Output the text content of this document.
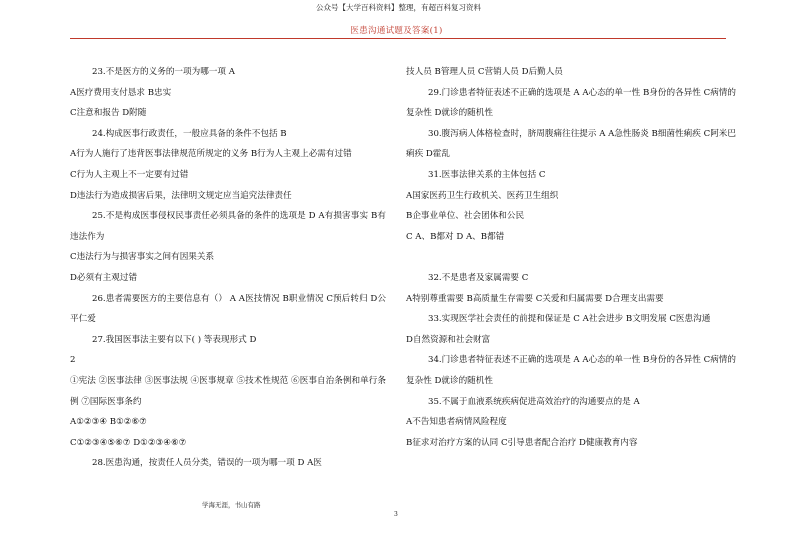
公众号【大学百科资料】整理，有超百科复习资料
医患沟通试题及答案(1)

23.不是医方的义务的一项为哪一项 A

A医疗费用支付恳求 B忠实

C注意和报告 D附随

24.构成医事行政责任，一般应具备的条件不包括 B

A行为人施行了违背医事法律规范所规定的义务 B行为人主观上必需有过错

C行为人主观上不一定要有过错

D违法行为造成损害后果，法律明文规定应当追究法律责任

25.不是构成医事侵权民事责任必须具备的条件的选项是 D A有损害事实 B有违法作为

C违法行为与损害事实之间有因果关系

D必须有主观过错

26.患者需要医方的主要信息有（） A A医技情况 B职业情况 C预后转归 D公平仁爱

27.我国医事法主要有以下( ) 等表现形式 D

2

①宪法 ②医事法律 ③医事法规 ④医事规章 ⑤技术性规范 ⑥医事自治条例和单行条例 ⑦国际医事条约

A①②③④ B①②⑥⑦

C①②③④⑤⑥⑦ D①②③④⑥⑦

28.医患沟通，按责任人员分类，错误的一项为哪一项 D A医

技人员 B管理人员 C营销人员 D后勤人员

29.门诊患者特征表述不正确的选项是 A A心态的单一性 B身份的各异性 C病情的复杂性 D就诊的随机性

30.腹泻病人体格检查时，脐周腹痛往往提示 A A急性肠炎 B细菌性痢疾 C阿米巴痢疾 D霍乱

31.医事法律关系的主体包括 C

A国家医药卫生行政机关、医药卫生组织

B企事业单位、社会团体和公民

C A、B都对 D A、B都错

32.不是患者及家属需要 C

A特别尊重需要 B高质量生存需要 C关爱和归属需要 D合理支出需要

33.实现医学社会责任的前提和保证是 C A社会进步 B文明发展 C医患沟通

D自然资源和社会财富

34.门诊患者特征表述不正确的选项是 A A心态的单一性 B身份的各异性 C病情的复杂性 D就诊的随机性

35.不属于血液系统疾病促进高效治疗的沟通要点的是 A

A不告知患者病情风险程度

B征求对治疗方案的认同 C引导患者配合治疗 D健康教育内容

学海无涯，书山有路
3
